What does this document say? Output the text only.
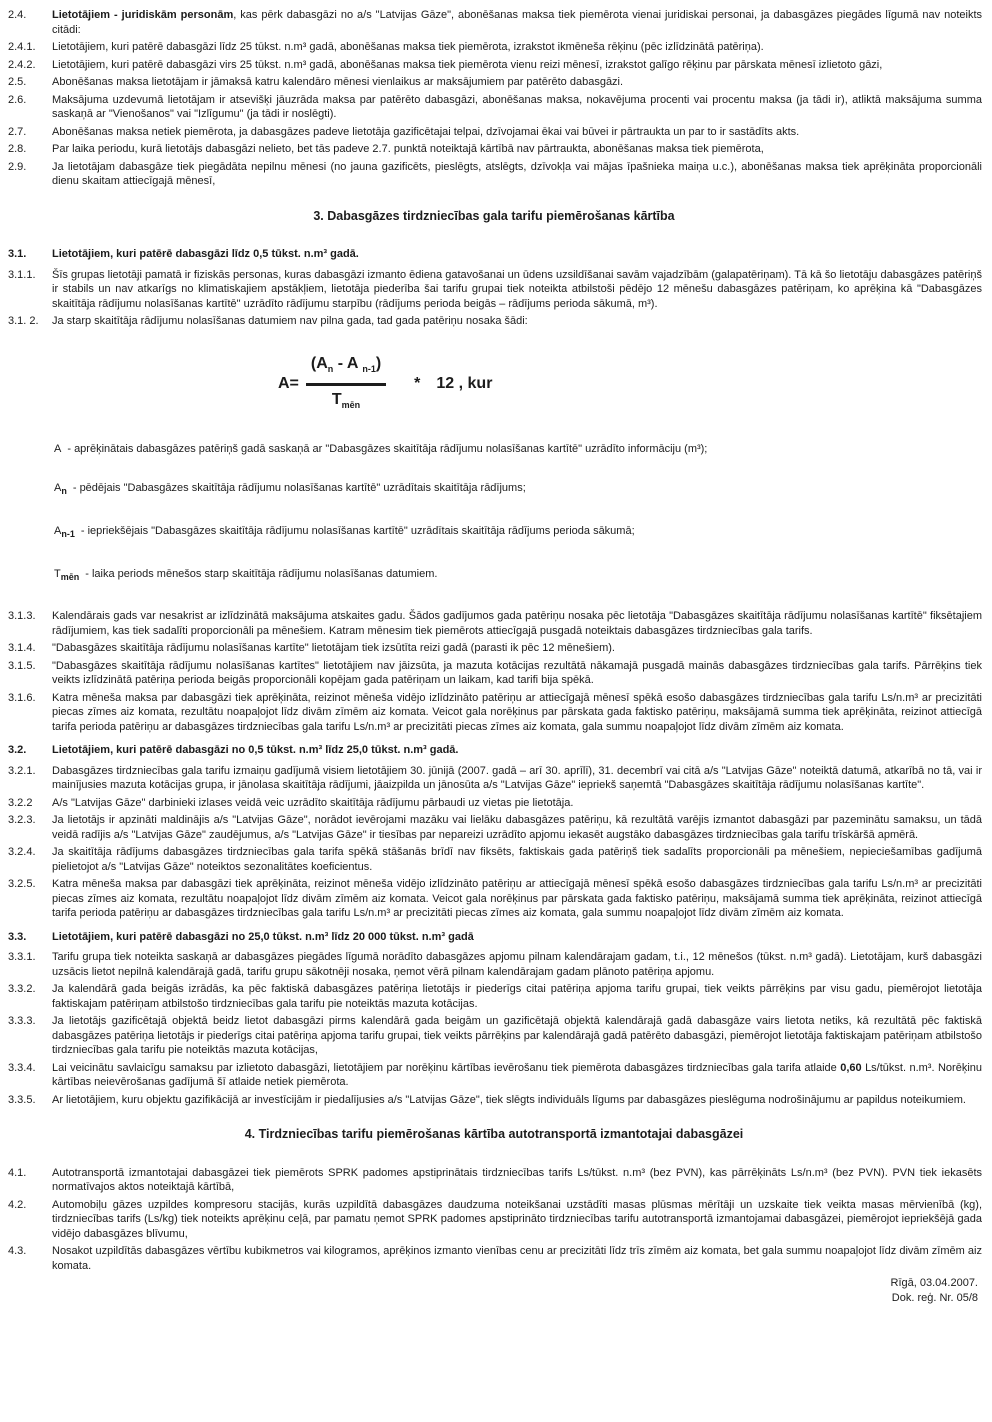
2.4.	Lietotājiem - juridiskām personām, kas pērk dabasgāzi no a/s "Latvijas Gāze", abonēšanas maksa tiek piemērota vienai juridiskai personai, ja dabasgāzes piegādes līgumā nav noteikts citādi:
2.4.1.	Lietotājiem, kuri patērē dabasgāzi līdz 25 tūkst. n.m³ gadā, abonēšanas maksa tiek piemērota, izrakstot ikmēneša rēķinu (pēc izlīdzinātā patēriņa).
2.4.2.	Lietotājiem, kuri patērē dabasgāzi virs 25 tūkst. n.m³ gadā, abonēšanas maksa tiek piemērota vienu reizi mēnesī, izrakstot galīgo rēķinu par pārskata mēnesī izlietoto gāzi,
2.5.	Abonēšanas maksa lietotājam ir jāmaksā katru kalendāro mēnesi vienlaikus ar maksājumiem par patērēto dabasgāzi.
2.6.	Maksājuma uzdevumā lietotājam ir atsevišķi jāuzrāda maksa par patērēto dabasgāzi, abonēšanas maksa, nokavējuma procenti vai procentu maksa (ja tādi ir), atliktā maksājuma summa saskaņā ar "Vienošanos" vai "Izlīgumu" (ja tādi ir noslēgti).
2.7.	Abonēšanas maksa netiek piemērota, ja dabasgāzes padeve lietotāja gazificētajai telpai, dzīvojamai ēkai vai būvei ir pārtraukta un par to ir sastādīts akts.
2.8.	Par laika periodu, kurā lietotājs dabasgāzi nelieto, bet tās padeve 2.7. punktā noteiktajā kārtībā nav pārtraukta, abonēšanas maksa tiek piemērota,
2.9.	Ja lietotājam dabasgāze tiek piegādāta nepilnu mēnesi (no jauna gazificēts, pieslēgts, atslēgts, dzīvokļa vai mājas īpašnieka maiņa u.c.), abonēšanas maksa tiek aprēķināta proporcionāli dienu skaitam attiecīgajā mēnesī,
3. Dabasgāzes tirdzniecības gala tarifu piemērošanas kārtība
3.1.	Lietotājiem, kuri patērē dabasgāzi līdz 0,5 tūkst. n.m³ gadā.
3.1.1.	Šīs grupas lietotāji pamatā ir fiziskās personas, kuras dabasgāzi izmanto ēdiena gatavošanai un ūdens uzsildīšanai savām vajadzībām (galapatēriņam). Tā kā šo lietotāju dabasgāzes patēriņš ir stabils un nav atkarīgs no klimatiskajiem apstākļiem, lietotāja piederība šai tarifu grupai tiek noteikta atbilstoši pēdējo 12 mēnešu dabasgāzes patēriņam, ko aprēķina kā "Dabasgāzes skaitītāja rādījumu nolasīšanas kartītē" uzrādīto rādījumu starpību (rādījums perioda beigās – rādījums perioda sākumā, m³).
3.1. 2.	Ja starp skaitītāja rādījumu nolasīšanas datumiem nav pilna gada, tad gada patēriņu nosaka šādi:
$A= \frac{(A_n - A _{n-1})}{T_{mēn}} * 12$ , kur
A - aprēķinātais dabasgāzes patēriņš gadā saskaņā ar "Dabasgāzes skaitītāja rādījumu nolasīšanas kartītē" uzrādīto informāciju (m³);
$A_n$ - pēdējais "Dabasgāzes skaitītāja rādījumu nolasīšanas kartītē" uzrādītais skaitītāja rādījums;
$A_{n-1}$ - iepriekšējais "Dabasgāzes skaitītāja rādījumu nolasīšanas kartītē" uzrādītais skaitītāja rādījums perioda sākumā;
$T_{mēn}$ - laika periods mēnešos starp skaitītāja rādījumu nolasīšanas datumiem.
3.1.3.	Kalendārais gads var nesakrist ar izlīdzinātā maksājuma atskaites gadu. Šādos gadījumos gada patēriņu nosaka pēc lietotāja "Dabasgāzes skaitītāja rādījumu nolasīšanas kartītē" fiksētajiem rādījumiem, kas tiek sadalīti proporcionāli pa mēnešiem. Katram mēnesim tiek piemērots attiecīgajā pusgadā noteiktais dabasgāzes tirdzniecības gala tarifs.
3.1.4.	"Dabasgāzes skaitītāja rādījumu nolasīšanas kartīte" lietotājam tiek izsūtīta reizi gadā (parasti ik pēc 12 mēnešiem).
3.1.5.	"Dabasgāzes skaitītāja rādījumu nolasīšanas kartītes" lietotājiem nav jāizsūta, ja mazuta kotācijas rezultātā nākamajā pusgadā mainās dabasgāzes tirdzniecības gala tarifs. Pārrēķins tiek veikts izlīdzinātā patēriņa perioda beigās proporcionāli kopējam gada patēriņam un laikam, kad tarifi bija spēkā.
3.1.6.	Katra mēneša maksa par dabasgāzi tiek aprēķināta, reizinot mēneša vidējo izlīdzināto patēriņu ar attiecīgajā mēnesī spēkā esošo dabasgāzes tirdzniecības gala tarifu Ls/n.m³ ar precizitāti piecas zīmes aiz komata, rezultātu noapaļojot līdz divām zīmēm aiz komata. Veicot gala norēķinus par pārskata gada faktisko patēriņu, maksājamā summa tiek aprēķināta, reizinot attiecīgā tarifa perioda patēriņu ar dabasgāzes tirdzniecības gala tarifu Ls/n.m³ ar precizitāti piecas zīmes aiz komata, gala summu noapaļojot līdz divām zīmēm aiz komata.
3.2.	Lietotājiem, kuri patērē dabasgāzi no 0,5 tūkst. n.m³ līdz 25,0 tūkst. n.m³ gadā.
3.2.1.	Dabasgāzes tirdzniecības gala tarifu izmaiņu gadījumā visiem lietotājiem 30. jūnijā (2007. gadā – arī 30. aprīlī), 31. decembrī vai citā a/s "Latvijas Gāze" noteiktā datumā, atkarībā no tā, vai ir mainījusies mazuta kotācijas grupa, ir jānolasa skaitītāja rādījumi, jāaizpilda un jānosūta a/s "Latvijas Gāze" iepriekš saņemtā "Dabasgāzes skaitītāja rādījumu nolasīšanas kartīte".
3.2.2	A/s "Latvijas Gāze" darbinieki izlases veidā veic uzrādīto skaitītāja rādījumu pārbaudi uz vietas pie lietotāja.
3.2.3.	Ja lietotājs ir apzināti maldinājis a/s "Latvijas Gāze", norādot ievērojami mazāku vai lielāku dabasgāzes patēriņu, kā rezultātā varējis izmantot dabasgāzi par pazeminātu samaksu, un tādā veidā radījis a/s "Latvijas Gāze" zaudējumus, a/s "Latvijas Gāze" ir tiesības par nepareizi uzrādīto apjomu iekasēt augstāko dabasgāzes tirdzniecības gala tarifu trīskāršā apmērā.
3.2.4.	Ja skaitītāja rādījums dabasgāzes tirdzniecības gala tarifa spēkā stāšanās brīdī nav fiksēts, faktiskais gada patēriņš tiek sadalīts proporcionāli pa mēnešiem, nepieciešamības gadījumā pielietojot a/s "Latvijas Gāze" noteiktos sezonalitātes koeficientus.
3.2.5.	Katra mēneša maksa par dabasgāzi tiek aprēķināta, reizinot mēneša vidējo izlīdzināto patēriņu ar attiecīgajā mēnesī spēkā esošo dabasgāzes tirdzniecības gala tarifu Ls/n.m³ ar precizitāti piecas zīmes aiz komata, rezultātu noapaļojot līdz divām zīmēm aiz komata. Veicot gala norēķinus par pārskata gada faktisko patēriņu, maksājamā summa tiek aprēķināta, reizinot attiecīgā tarifa perioda patēriņu ar dabasgāzes tirdzniecības gala tarifu Ls/n.m³ ar precizitāti piecas zīmes aiz komata, gala summu noapaļojot līdz divām zīmēm aiz komata.
3.3.	Lietotājiem, kuri patērē dabasgāzi no 25,0 tūkst. n.m³ līdz 20 000 tūkst. n.m³ gadā
3.3.1.	Tarifu grupa tiek noteikta saskaņā ar dabasgāzes piegādes līgumā norādīto dabasgāzes apjomu pilnam kalendārajam gadam, t.i., 12 mēnešos (tūkst. n.m³ gadā). Lietotājam, kurš dabasgāzi uzsācis lietot nepilnā kalendārajā gadā, tarifu grupu sākotnēji nosaka, ņemot vērā pilnam kalendārajam gadam plānoto patēriņa apjomu.
3.3.2.	Ja kalendārā gada beigās izrādās, ka pēc faktiskā dabasgāzes patēriņa lietotājs ir piederīgs citai patēriņa apjoma tarifu grupai, tiek veikts pārrēķins par visu gadu, piemērojot lietotāja faktiskajam patēriņam atbilstošo tirdzniecības gala tarifu pie noteiktās mazuta kotācijas.
3.3.3.	Ja lietotājs gazificētajā objektā beidz lietot dabasgāzi pirms kalendārā gada beigām un gazificētajā objektā kalendārajā gadā dabasgāze vairs lietota netiks, kā rezultātā pēc faktiskā dabasgāzes patēriņa lietotājs ir piederīgs citai patēriņa apjoma tarifu grupai, tiek veikts pārrēķins par kalendārajā gadā patērēto dabasgāzi, piemērojot lietotāja faktiskajam patēriņam atbilstošo tirdzniecības gala tarifu pie noteiktās mazuta kotācijas,
3.3.4.	Lai veicinātu savlaicīgu samaksu par izlietoto dabasgāzi, lietotājiem par norēķinu kārtības ievērošanu tiek piemērota dabasgāzes tirdzniecības gala tarifa atlaide 0,60 Ls/tūkst. n.m³. Norēķinu kārtības neievērošanas gadījumā šī atlaide netiek piemērota.
3.3.5.	Ar lietotājiem, kuru objektu gazifikācijā ar investīcijām ir piedalījusies a/s "Latvijas Gāze", tiek slēgts individuāls līgums par dabasgāzes pieslēguma nodrošinājumu ar papildus noteikumiem.
4. Tirdzniecības tarifu piemērošanas kārtība autotransportā izmantotajai dabasgāzei
4.1.	Autotransportā izmantotajai dabasgāzei tiek piemērots SPRK padomes apstiprinātais tirdzniecības tarifs Ls/tūkst. n.m³ (bez PVN), kas pārrēķināts Ls/n.m³ (bez PVN). PVN tiek iekasēts normatīvajos aktos noteiktajā kārtībā,
4.2.	Automobiļu gāzes uzpildes kompresoru stacijās, kurās uzpildītā dabasgāzes daudzuma noteikšanai uzstādīti masas plūsmas mērītāji un uzskaite tiek veikta masas mērvienībā (kg), tirdzniecības tarifs (Ls/kg) tiek noteikts aprēķinu ceļā, par pamatu ņemot SPRK padomes apstiprināto tirdzniecības tarifu autotransportā izmantojamai dabasgāzei, piemērojot iepriekšējā gada vidējo dabasgāzes blīvumu,
4.3.	Nosakot uzpildītās dabasgāzes vērtību kubikmetros vai kilogramos, aprēķinos izmanto vienības cenu ar precizitāti līdz trīs zīmēm aiz komata, bet gala summu noapaļojot līdz divām zīmēm aiz komata.
Rīgā, 03.04.2007.
Dok. reģ. Nr. 05/8
